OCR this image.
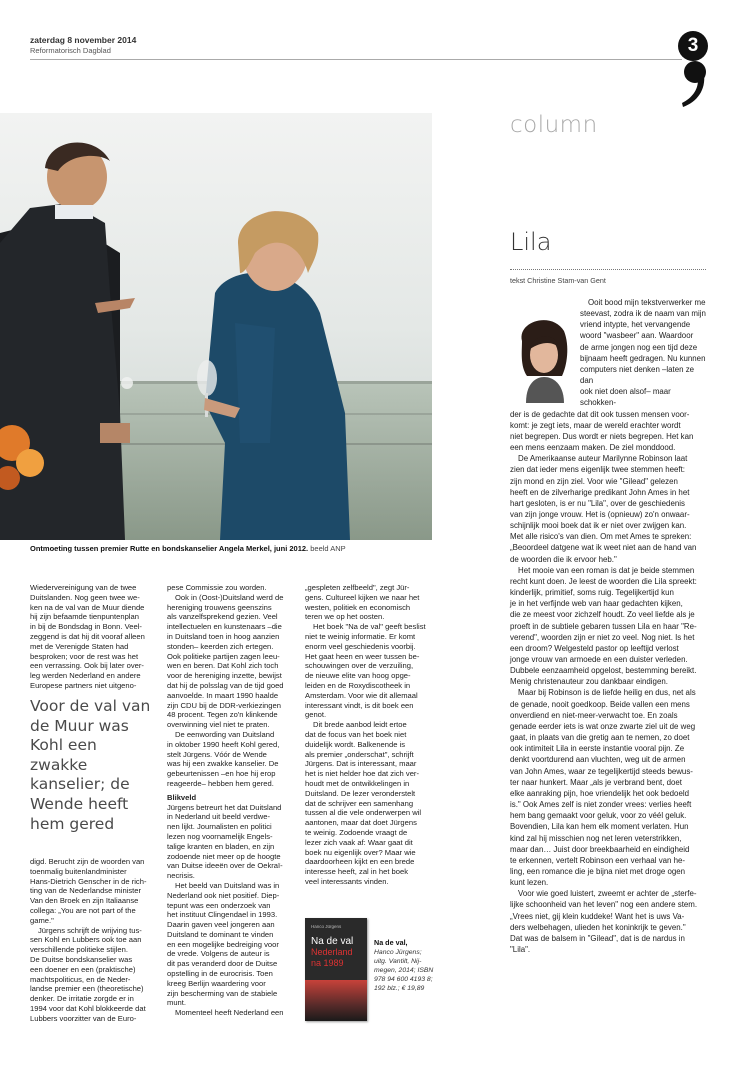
zaterdag 8 november 2014
Reformatorisch Dagblad	3
Ontmoeting tussen premier Rutte en bondskanselier Angela Merkel, juni 2012. beeld ANP

Wiedervereinigung van de twee

Duitslanden. Nog geen twee we-

ken na de val van de Muur diende

hij zijn befaamde tienpuntenplan

in bij de Bondsdag in Bonn. Veel-

zeggend is dat hij dit vooraf alleen

met de Verenigde Staten had

besproken; voor de rest was het

een verrassing. Ook bij later over-

leg werden Nederland en andere

Europese partners niet uitgeno-

Voor de val van de Muur was Kohl een zwakke kanselier; de Wende heeft hem gered

digd. Berucht zijn de woorden van

toenmalig buitenlandminister

Hans-Dietrich Genscher in de rich-

ting van de Nederlandse minister

Van den Broek en zijn Italiaanse

collega: „You are not part of the

game."

Jürgens schrijft de wrijving tus-

sen Kohl en Lubbers ook toe aan

verschillende politieke stijlen.

De Duitse bondskanselier was

een doener en een (praktische)

machtspoliticus, en de Neder-

landse premier een (theoretische)

denker. De irritatie zorgde er in

1994 voor dat Kohl blokkeerde dat

Lubbers voorzitter van de Euro-

pese Commissie zou worden.

Ook in (Oost-)Duitsland werd de

hereniging trouwens geenszins

als vanzelfsprekend gezien. Veel

intellectuelen en kunstenaars –die

in Duitsland toen in hoog aanzien

stonden– keerden zich ertegen.

Ook politieke partijen zagen leeu-

wen en beren. Dat Kohl zich toch

voor de hereniging inzette, bewijst

dat hij de polsslag van de tijd goed

aanvoelde. In maart 1990 haalde

zijn CDU bij de DDR-verkiezingen

48 procent. Tegen zo'n klinkende

overwinning viel niet te praten.

De eenwording van Duitsland

in oktober 1990 heeft Kohl gered,

stelt Jürgens. Vóór de Wende

was hij een zwakke kanselier. De

gebeurtenissen –en hoe hij erop

reageerde– hebben hem gered.

Blikveld

Jürgens betreurt het dat Duitsland

in Nederland uit beeld verdwe-

nen lijkt. Journalisten en politici

lezen nog voornamelijk Engels-

talige kranten en bladen, en zijn

zodoende niet meer op de hoogte

van Duitse ideeën over de Oekraï-

necrisis.

Het beeld van Duitsland was in

Nederland ook niet positief. Diep-

tepunt was een onderzoek van

het instituut Clingendael in 1993.

Daarin gaven veel jongeren aan

Duitsland te dominant te vinden

en een mogelijke bedreiging voor

de vrede. Volgens de auteur is

dit pas veranderd door de Duitse

opstelling in de eurocrisis. Toen

kreeg Berlijn waardering voor

zijn bescherming van de stabiele

munt.

Momenteel heeft Nederland een

„gespleten zelfbeeld", zegt Jür-

gens. Cultureel kijken we naar het

westen, politiek en economisch

teren we op het oosten.

Het boek "Na de val" geeft beslist

niet te weinig informatie. Er komt

enorm veel geschiedenis voorbij.

Het gaat heen en weer tussen be-

schouwingen over de verzuiling,

de nieuwe elite van hoog opge-

leiden en de Roxydiscotheek in

Amsterdam. Voor wie dit allemaal

interessant vindt, is dit boek een

genot.

Dit brede aanbod leidt ertoe

dat de focus van het boek niet

duidelijk wordt. Balkenende is

als premier „onderschat", schrijft

Jürgens. Dat is interessant, maar

het is niet helder hoe dat zich ver-

houdt met de ontwikkelingen in

Duitsland. De lezer veronderstelt

dat de schrijver een samenhang

tussen al die vele onderwerpen wil

aantonen, maar dat doet Jürgens

te weinig. Zodoende vraagt de

lezer zich vaak af: Waar gaat dit

boek nu eigenlijk over? Maar wie

daardoorheen kijkt en een brede

interesse heeft, zal in het boek

veel interessants vinden.

Hanco Jürgens
Na de val
Nederland
na 1989
Na de val,
Hanco Jürgens;
uitg. Vantilt, Nij-
megen, 2014; ISBN
978 94 600 4193 8;
192 blz.; € 19,89
column
Lila
tekst Christine Stam-van Gent

Ooit bood mijn tekstverwerker me

steevast, zodra ik de naam van mijn

vriend intypte, het vervangende

woord "wasbeer" aan. Waardoor

de arme jongen nog een tijd deze

bijnaam heeft gedragen. Nu kunnen

computers niet denken –laten ze dan

ook niet doen alsof– maar schokken-

der is de gedachte dat dit ook tussen mensen voor-

komt: je zegt iets, maar de wereld erachter wordt

niet begrepen. Dus wordt er niets begrepen. Het kan

een mens eenzaam maken. De ziel monddood.

De Amerikaanse auteur Marilynne Robinson laat

zien dat ieder mens eigenlijk twee stemmen heeft:

zijn mond en zijn ziel. Voor wie "Gilead" gelezen

heeft en de zilverharige predikant John Ames in het

hart gesloten, is er nu "Lila", over de geschiedenis

van zijn jonge vrouw. Het is (opnieuw) zo'n onwaar-

schijnlijk mooi boek dat ik er niet over zwijgen kan.

Met alle risico's van dien. Om met Ames te spreken:

„Beoordeel datgene wat ik weet niet aan de hand van

de woorden die ik ervoor heb."

Het mooie van een roman is dat je beide stemmen

recht kunt doen. Je leest de woorden die Lila spreekt:

kinderlijk, primitief, soms ruig. Tegelijkertijd kun

je in het verfijnde web van haar gedachten kijken,

die ze meest voor zichzelf houdt. Zo veel liefde als je

proeft in de subtiele gebaren tussen Lila en haar "Re-

verend", woorden zijn er niet zo veel. Nog niet. Is het

een droom? Welgesteld pastor op leeftijd verlost

jonge vrouw van armoede en een duister verleden.

Dubbele eenzaamheid opgelost, bestemming bereikt.

Menig christenauteur zou dankbaar eindigen.

Maar bij Robinson is de liefde heilig en dus, net als

de genade, nooit goedkoop. Beide vallen een mens

onverdiend en niet-meer-verwacht toe. En zoals

genade eerder iets is wat onze zwarte ziel uit de weg

gaat, in plaats van die gretig aan te nemen, zo doet

ook intimiteit Lila in eerste instantie vooral pijn. Ze

denkt voortdurend aan vluchten, weg uit de armen

van John Ames, waar ze tegelijkertijd steeds bewus-

ter naar hunkert. Maar „als je verbrand bent, doet

elke aanraking pijn, hoe vriendelijk het ook bedoeld

is." Ook Ames zelf is niet zonder vrees: verlies heeft

hem bang gemaakt voor geluk, voor zo véél geluk.

Bovendien, Lila kan hem elk moment verlaten. Hun

kind zal hij misschien nog net leren veterstrikken,

maar dan… Juist door breekbaarheid en eindigheid

te erkennen, vertelt Robinson een verhaal van he-

ling, een romance die je bijna niet met droge ogen

kunt lezen.

Voor wie goed luistert, zweemt er achter de „sterfe-

lijke schoonheid van het leven" nog een andere stem.

„Vrees niet, gij klein kuddeke! Want het is uws Va-

ders welbehagen, ulieden het koninkrijk te geven."

Dat was de balsem in "Gilead", dat is de nardus in

"Lila".
